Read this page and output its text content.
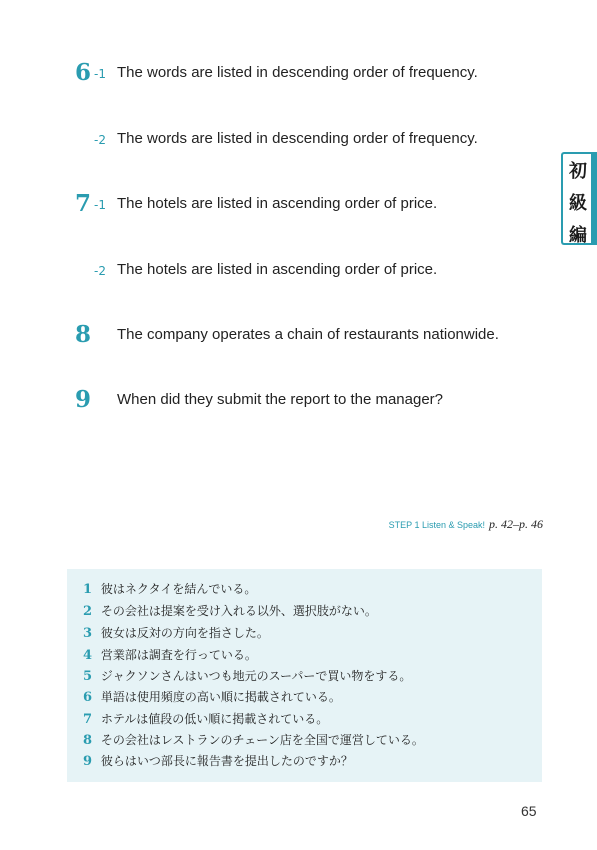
6 -1 The words are listed in descending order of frequency.
-2 The words are listed in descending order of frequency.
7 -1 The hotels are listed in ascending order of price.
-2 The hotels are listed in ascending order of price.
8 The company operates a chain of restaurants nationwide.
9 When did they submit the report to the manager?
初
級
編
STEP 1 Listen & Speak! p. 42–p. 46
1 彼はネクタイを結んでいる。
2 その会社は提案を受け入れる以外、選択肢がない。
3 彼女は反対の方向を指さした。
4 営業部は調査を行っている。
5 ジャクソンさんはいつも地元のスーパーで買い物をする。
6 単語は使用頻度の高い順に掲載されている。
7 ホテルは値段の低い順に掲載されている。
8 その会社はレストランのチェーン店を全国で運営している。
9 彼らはいつ部長に報告書を提出したのですか？
65
